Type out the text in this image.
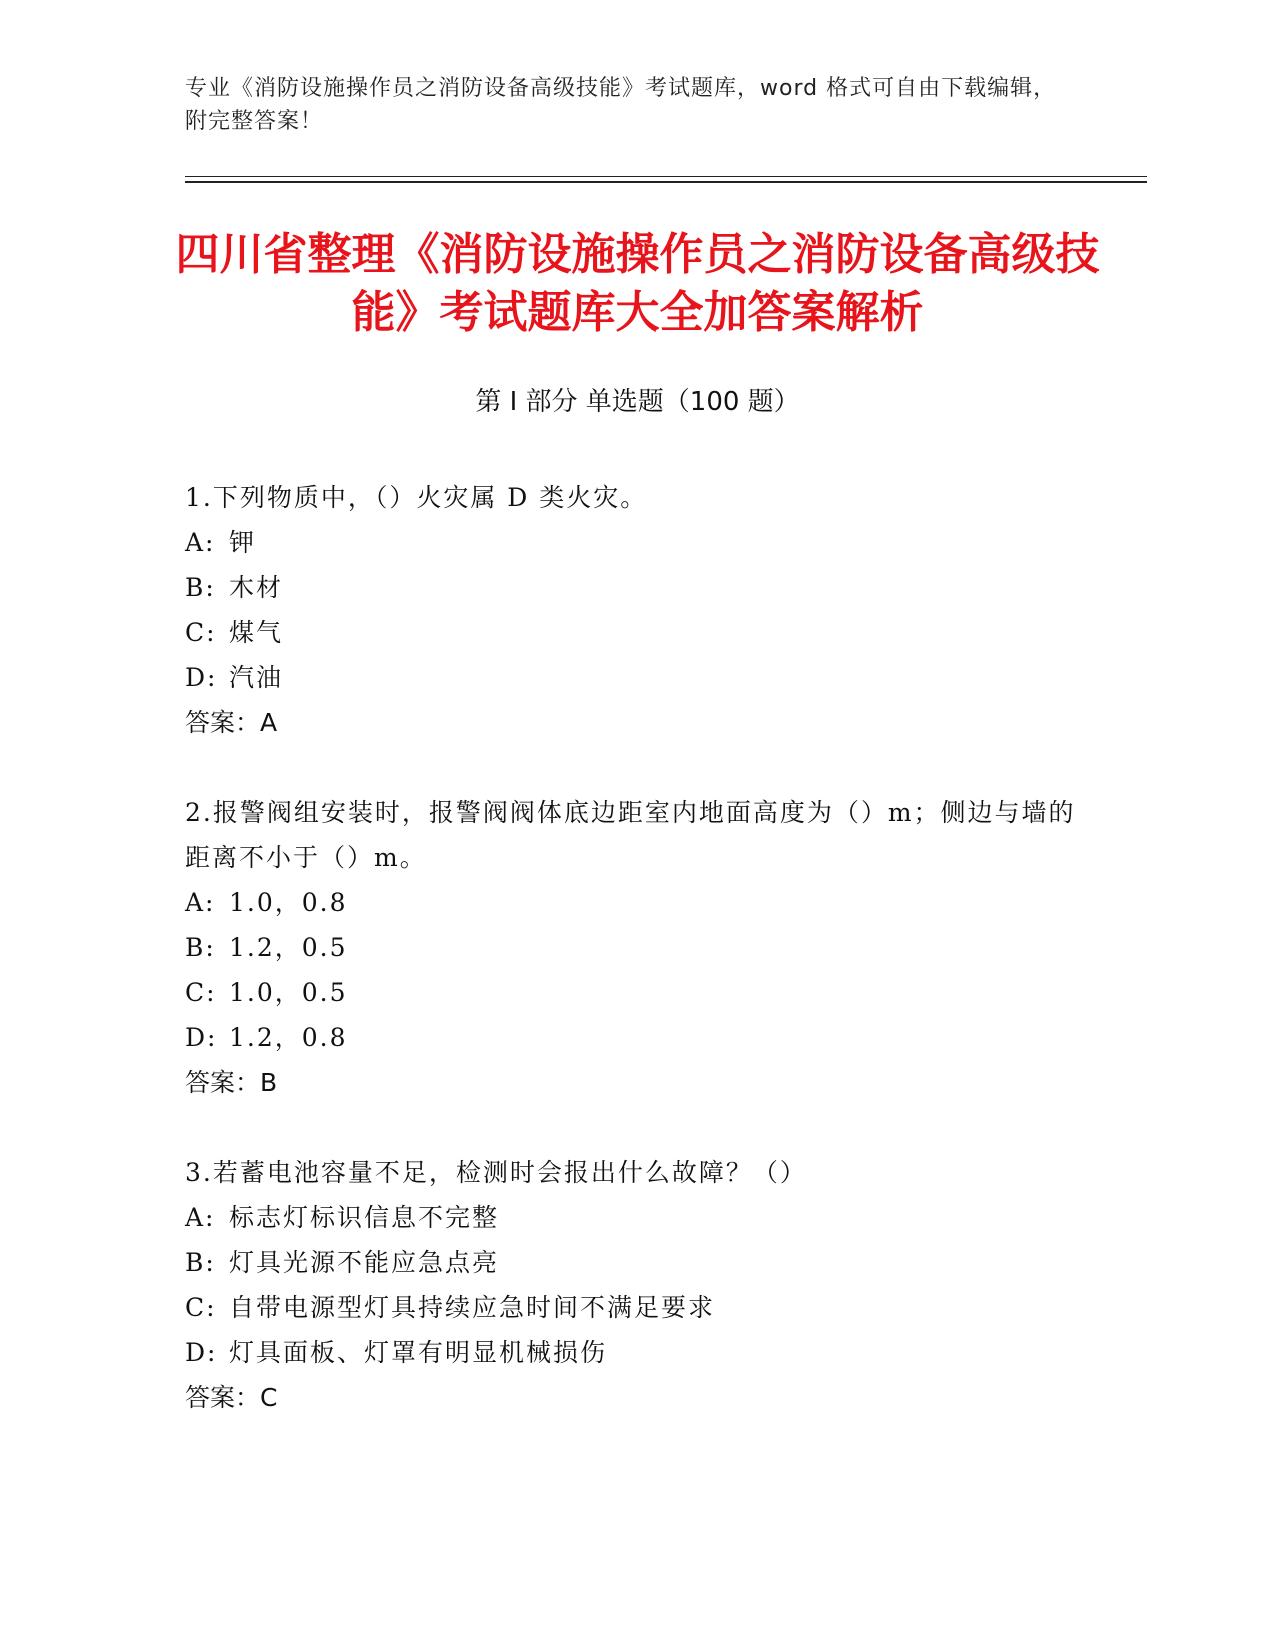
专业《消防设施操作员之消防设备高级技能》考试题库，word 格式可自由下载编辑，附完整答案！
四川省整理《消防设施操作员之消防设备高级技能》考试题库大全加答案解析
第 I 部分 单选题（100 题）
1.下列物质中，（）火灾属 D 类火灾。
A: 钾
B: 木材
C: 煤气
D: 汽油
答案：A
2.报警阀组安装时，报警阀阀体底边距室内地面高度为（）m；侧边与墙的距离不小于（）m。
A: 1.0，0.8
B: 1.2，0.5
C: 1.0，0.5
D: 1.2，0.8
答案：B
3.若蓄电池容量不足，检测时会报出什么故障？（）
A: 标志灯标识信息不完整
B: 灯具光源不能应急点亮
C: 自带电源型灯具持续应急时间不满足要求
D: 灯具面板、灯罩有明显机械损伤
答案：C
